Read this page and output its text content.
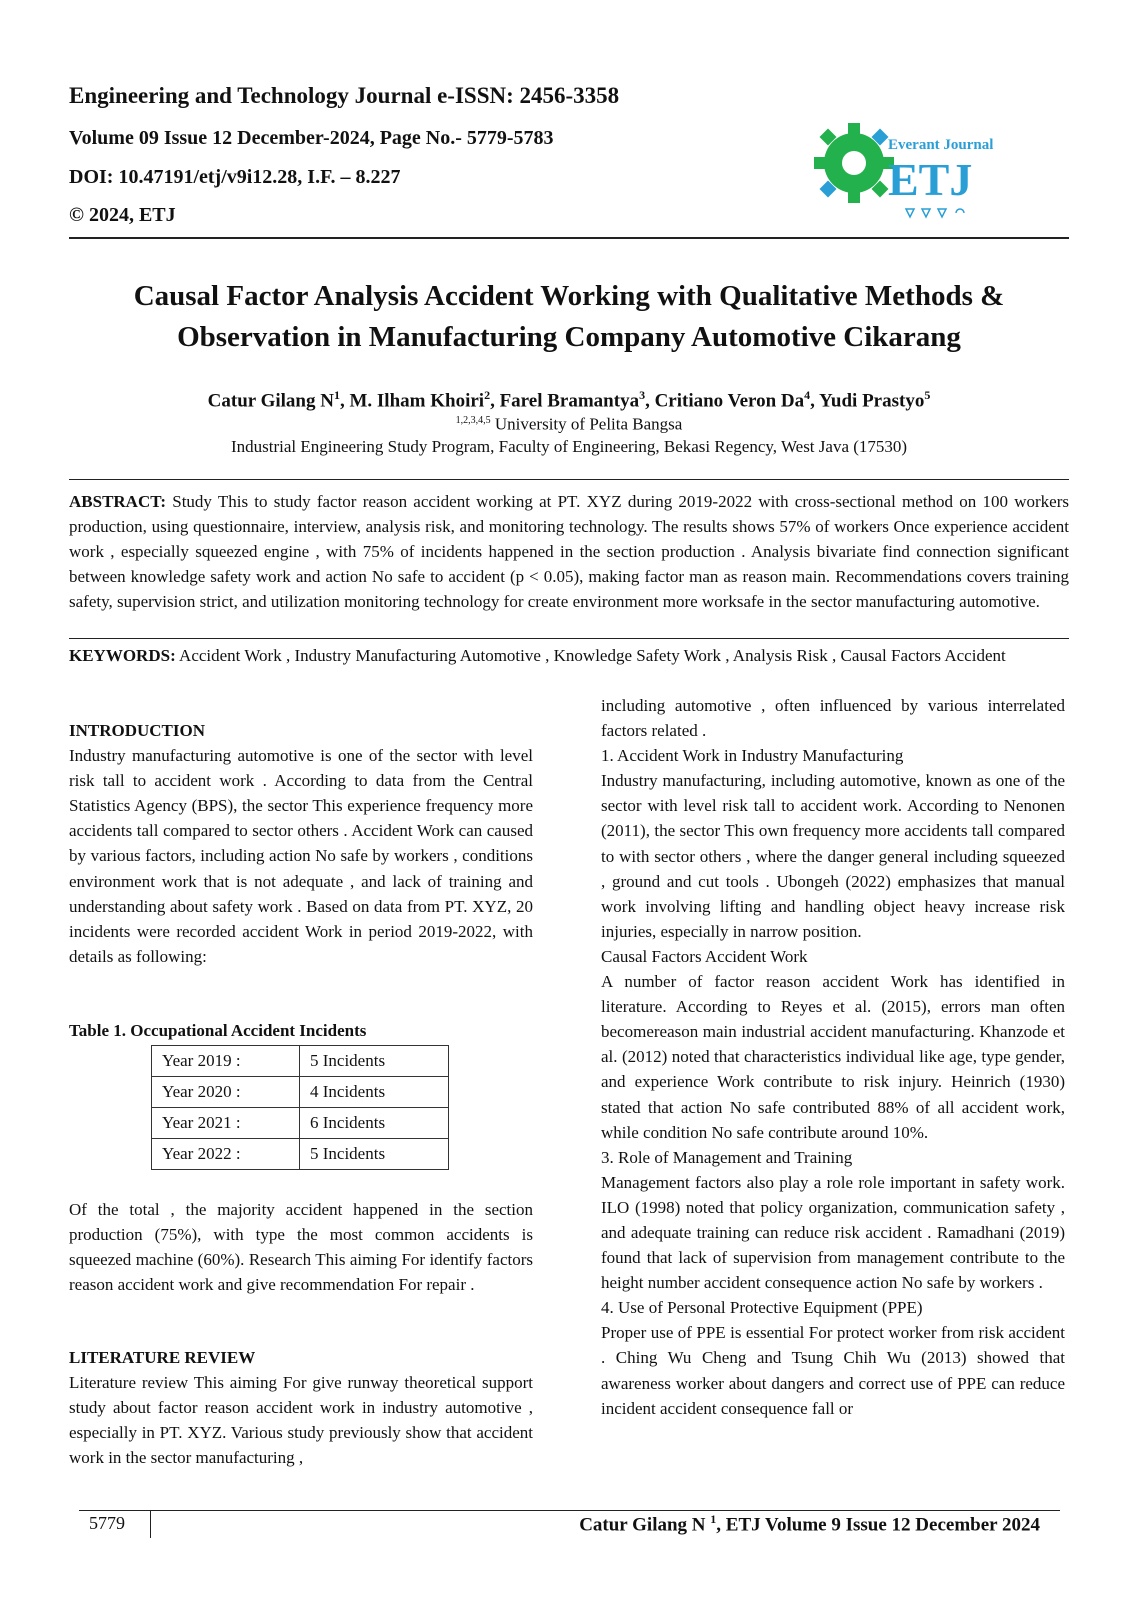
Engineering and Technology Journal e-ISSN: 2456-3358
Volume 09 Issue 12 December-2024, Page No.- 5779-5783
DOI: 10.47191/etj/v9i12.28, I.F. – 8.227
© 2024, ETJ
Everant Journal
ETJ
Causal Factor Analysis Accident Working with Qualitative Methods & Observation in Manufacturing Company Automotive Cikarang
Catur Gilang $N^1$, M. Ilham Khoiri$^2$, Farel Bramantya$^3$, Critiano Veron Da$^4$, Yudi Prastyo$^5$
$^{1,2,3,4,5}$ University of Pelita Bangsa
Industrial Engineering Study Program, Faculty of Engineering, Bekasi Regency, West Java (17530)
ABSTRACT: Study This to study factor reason accident working at PT. XYZ during 2019-2022 with cross-sectional method on 100 workers production, using questionnaire, interview, analysis risk, and monitoring technology. The results shows 57% of workers Once experience accident work , especially squeezed engine , with 75% of incidents happened in the section production . Analysis bivariate find connection significant between knowledge safety work and action No safe to accident (p < 0.05), making factor man as reason main. Recommendations covers training safety, supervision strict, and utilization monitoring technology for create environment more worksafe in the sector manufacturing automotive.
KEYWORDS: Accident Work , Industry Manufacturing Automotive , Knowledge Safety Work , Analysis Risk , Causal Factors Accident

INTRODUCTION

Industry manufacturing automotive is one of the sector with level risk tall to accident work . According to data from the Central Statistics Agency (BPS), the sector This experience frequency more accidents tall compared to sector others . Accident Work can caused by various factors, including action No safe by workers , conditions environment work that is not adequate , and lack of training and understanding about safety work . Based on data from PT. XYZ, 20 incidents were recorded accident Work in period 2019-2022, with details as following:

Table 1. Occupational Accident Incidents
Year 2019 :	5 Incidents
Year 2020 :	4 Incidents
Year 2021 :	6 Incidents
Year 2022 :	5 Incidents

Of the total , the majority accident happened in the section production (75%), with type the most common accidents is squeezed machine (60%). Research This aiming For identify factors reason accident work and give recommendation For repair .

LITERATURE REVIEW

Literature review This aiming For give runway theoretical support study about factor reason accident work in industry automotive , especially in PT. XYZ. Various study previously show that accident work in the sector manufacturing ,

including automotive , often influenced by various interrelated factors related .

1. Accident Work in Industry Manufacturing

Industry manufacturing, including automotive, known as one of the sector with level risk tall to accident work. According to Nenonen (2011), the sector This own frequency more accidents tall compared to with sector others , where the danger general including squeezed , ground and cut tools . Ubongeh (2022) emphasizes that manual work involving lifting and handling object heavy increase risk injuries, especially in narrow position.

Causal Factors Accident Work

A number of factor reason accident Work has identified in literature. According to Reyes et al. (2015), errors man often becomereason main industrial accident manufacturing. Khanzode et al. (2012) noted that characteristics individual like age, type gender, and experience Work contribute to risk injury. Heinrich (1930) stated that action No safe contributed 88% of all accident work, while condition No safe contribute around 10%.

3. Role of Management and Training

Management factors also play a role role important in safety work. ILO (1998) noted that policy organization, communication safety , and adequate training can reduce risk accident . Ramadhani (2019) found that lack of supervision from management contribute to the height number accident consequence action No safe by workers .

4. Use of Personal Protective Equipment (PPE)

Proper use of PPE is essential For protect worker from risk accident . Ching Wu Cheng and Tsung Chih Wu (2013) showed that awareness worker about dangers and correct use of PPE can reduce incident accident consequence fall or

5779	Catur Gilang N $^1$, ETJ Volume 9 Issue 12 December 2024
